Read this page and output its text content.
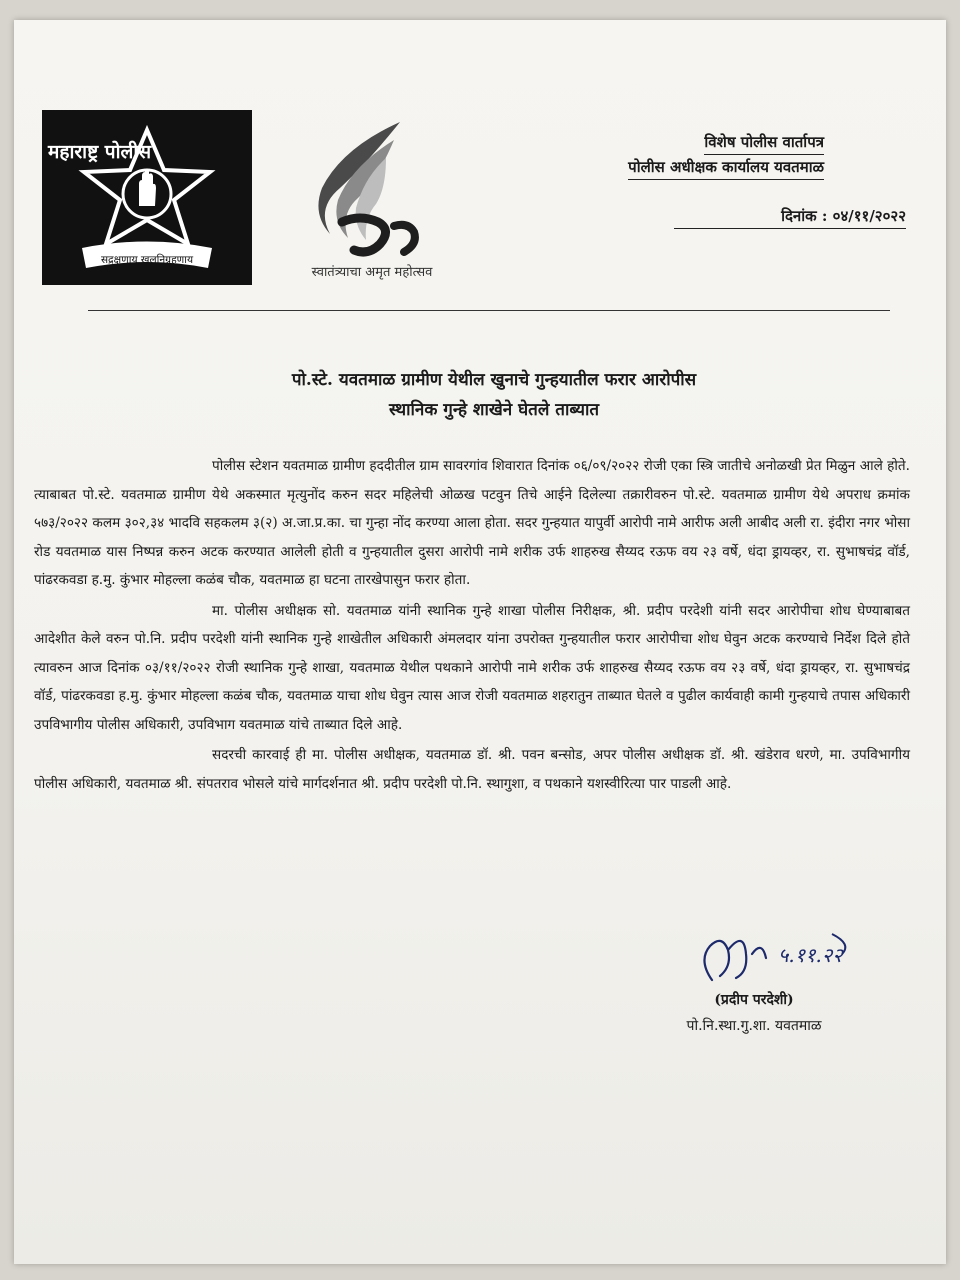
महाराष्ट्र पोलीस
सद्रक्षणाय खलनिग्रहणाय
स्वातंत्र्याचा अमृत महोत्सव
विशेष पोलीस वार्तापत्र
पोलीस अधीक्षक कार्यालय यवतमाळ
दिनांक : ०४/११/२०२२
पो.स्टे. यवतमाळ ग्रामीण येथील खुनाचे गुन्हयातील फरार आरोपीस
स्थानिक गुन्हे शाखेने घेतले ताब्यात

पोलीस स्टेशन यवतमाळ ग्रामीण हददीतील ग्राम सावरगांव शिवारात दिनांक ०६/०९/२०२२ रोजी एका स्त्रि जातीचे अनोळखी प्रेत मिळुन आले होते. त्याबाबत पो.स्टे. यवतमाळ ग्रामीण येथे अकस्मात मृत्युनोंद करुन सदर महिलेची ओळख पटवुन तिचे आईने दिलेल्या तक्रारीवरुन पो.स्टे. यवतमाळ ग्रामीण येथे अपराध क्रमांक ५७३/२०२२ कलम ३०२,३४ भादवि सहकलम ३(२) अ.जा.प्र.का. चा गुन्हा नोंद करण्या आला होता. सदर गुन्हयात यापुर्वी आरोपी नामे आरीफ अली आबीद अली रा. इंदीरा नगर भोसा रोड यवतमाळ यास निष्पन्न करुन अटक करण्यात आलेली होती व गुन्हयातील दुसरा आरोपी नामे शरीक उर्फ शाहरुख सैय्यद रऊफ वय २३ वर्षे, धंदा ड्रायव्हर, रा. सुभाषचंद्र वॉर्ड, पांढरकवडा ह.मु. कुंभार मोहल्ला कळंब चौक, यवतमाळ हा घटना तारखेपासुन फरार होता.

मा. पोलीस अधीक्षक सो. यवतमाळ यांनी स्थानिक गुन्हे शाखा पोलीस निरीक्षक, श्री. प्रदीप परदेशी यांनी सदर आरोपीचा शोध घेण्याबाबत आदेशीत केले वरुन पो.नि. प्रदीप परदेशी यांनी स्थानिक गुन्हे शाखेतील अधिकारी अंमलदार यांना उपरोक्त गुन्हयातील फरार आरोपीचा शोध घेवुन अटक करण्याचे निर्देश दिले होते त्यावरुन आज दिनांक ०३/११/२०२२ रोजी स्थानिक गुन्हे शाखा, यवतमाळ येथील पथकाने आरोपी नामे शरीक उर्फ शाहरुख सैय्यद रऊफ वय २३ वर्षे, धंदा ड्रायव्हर, रा. सुभाषचंद्र वॉर्ड, पांढरकवडा ह.मु. कुंभार मोहल्ला कळंब चौक, यवतमाळ याचा शोध घेवुन त्यास आज रोजी यवतमाळ शहरातुन ताब्यात घेतले व पुढील कार्यवाही कामी गुन्हयाचे तपास अधिकारी उपविभागीय पोलीस अधिकारी, उपविभाग यवतमाळ यांचे ताब्यात दिले आहे.

सदरची कारवाई ही मा. पोलीस अधीक्षक, यवतमाळ डॉ. श्री. पवन बन्सोड, अपर पोलीस अधीक्षक डॉ. श्री. खंडेराव धरणे, मा. उपविभागीय पोलीस अधिकारी, यवतमाळ श्री. संपतराव भोसले यांचे मार्गदर्शनात श्री. प्रदीप परदेशी पो.नि. स्थागुशा, व पथकाने यशस्वीरित्या पार पाडली आहे.

५.११.२२
(प्रदीप परदेशी)
पो.नि.स्था.गु.शा. यवतमाळ
